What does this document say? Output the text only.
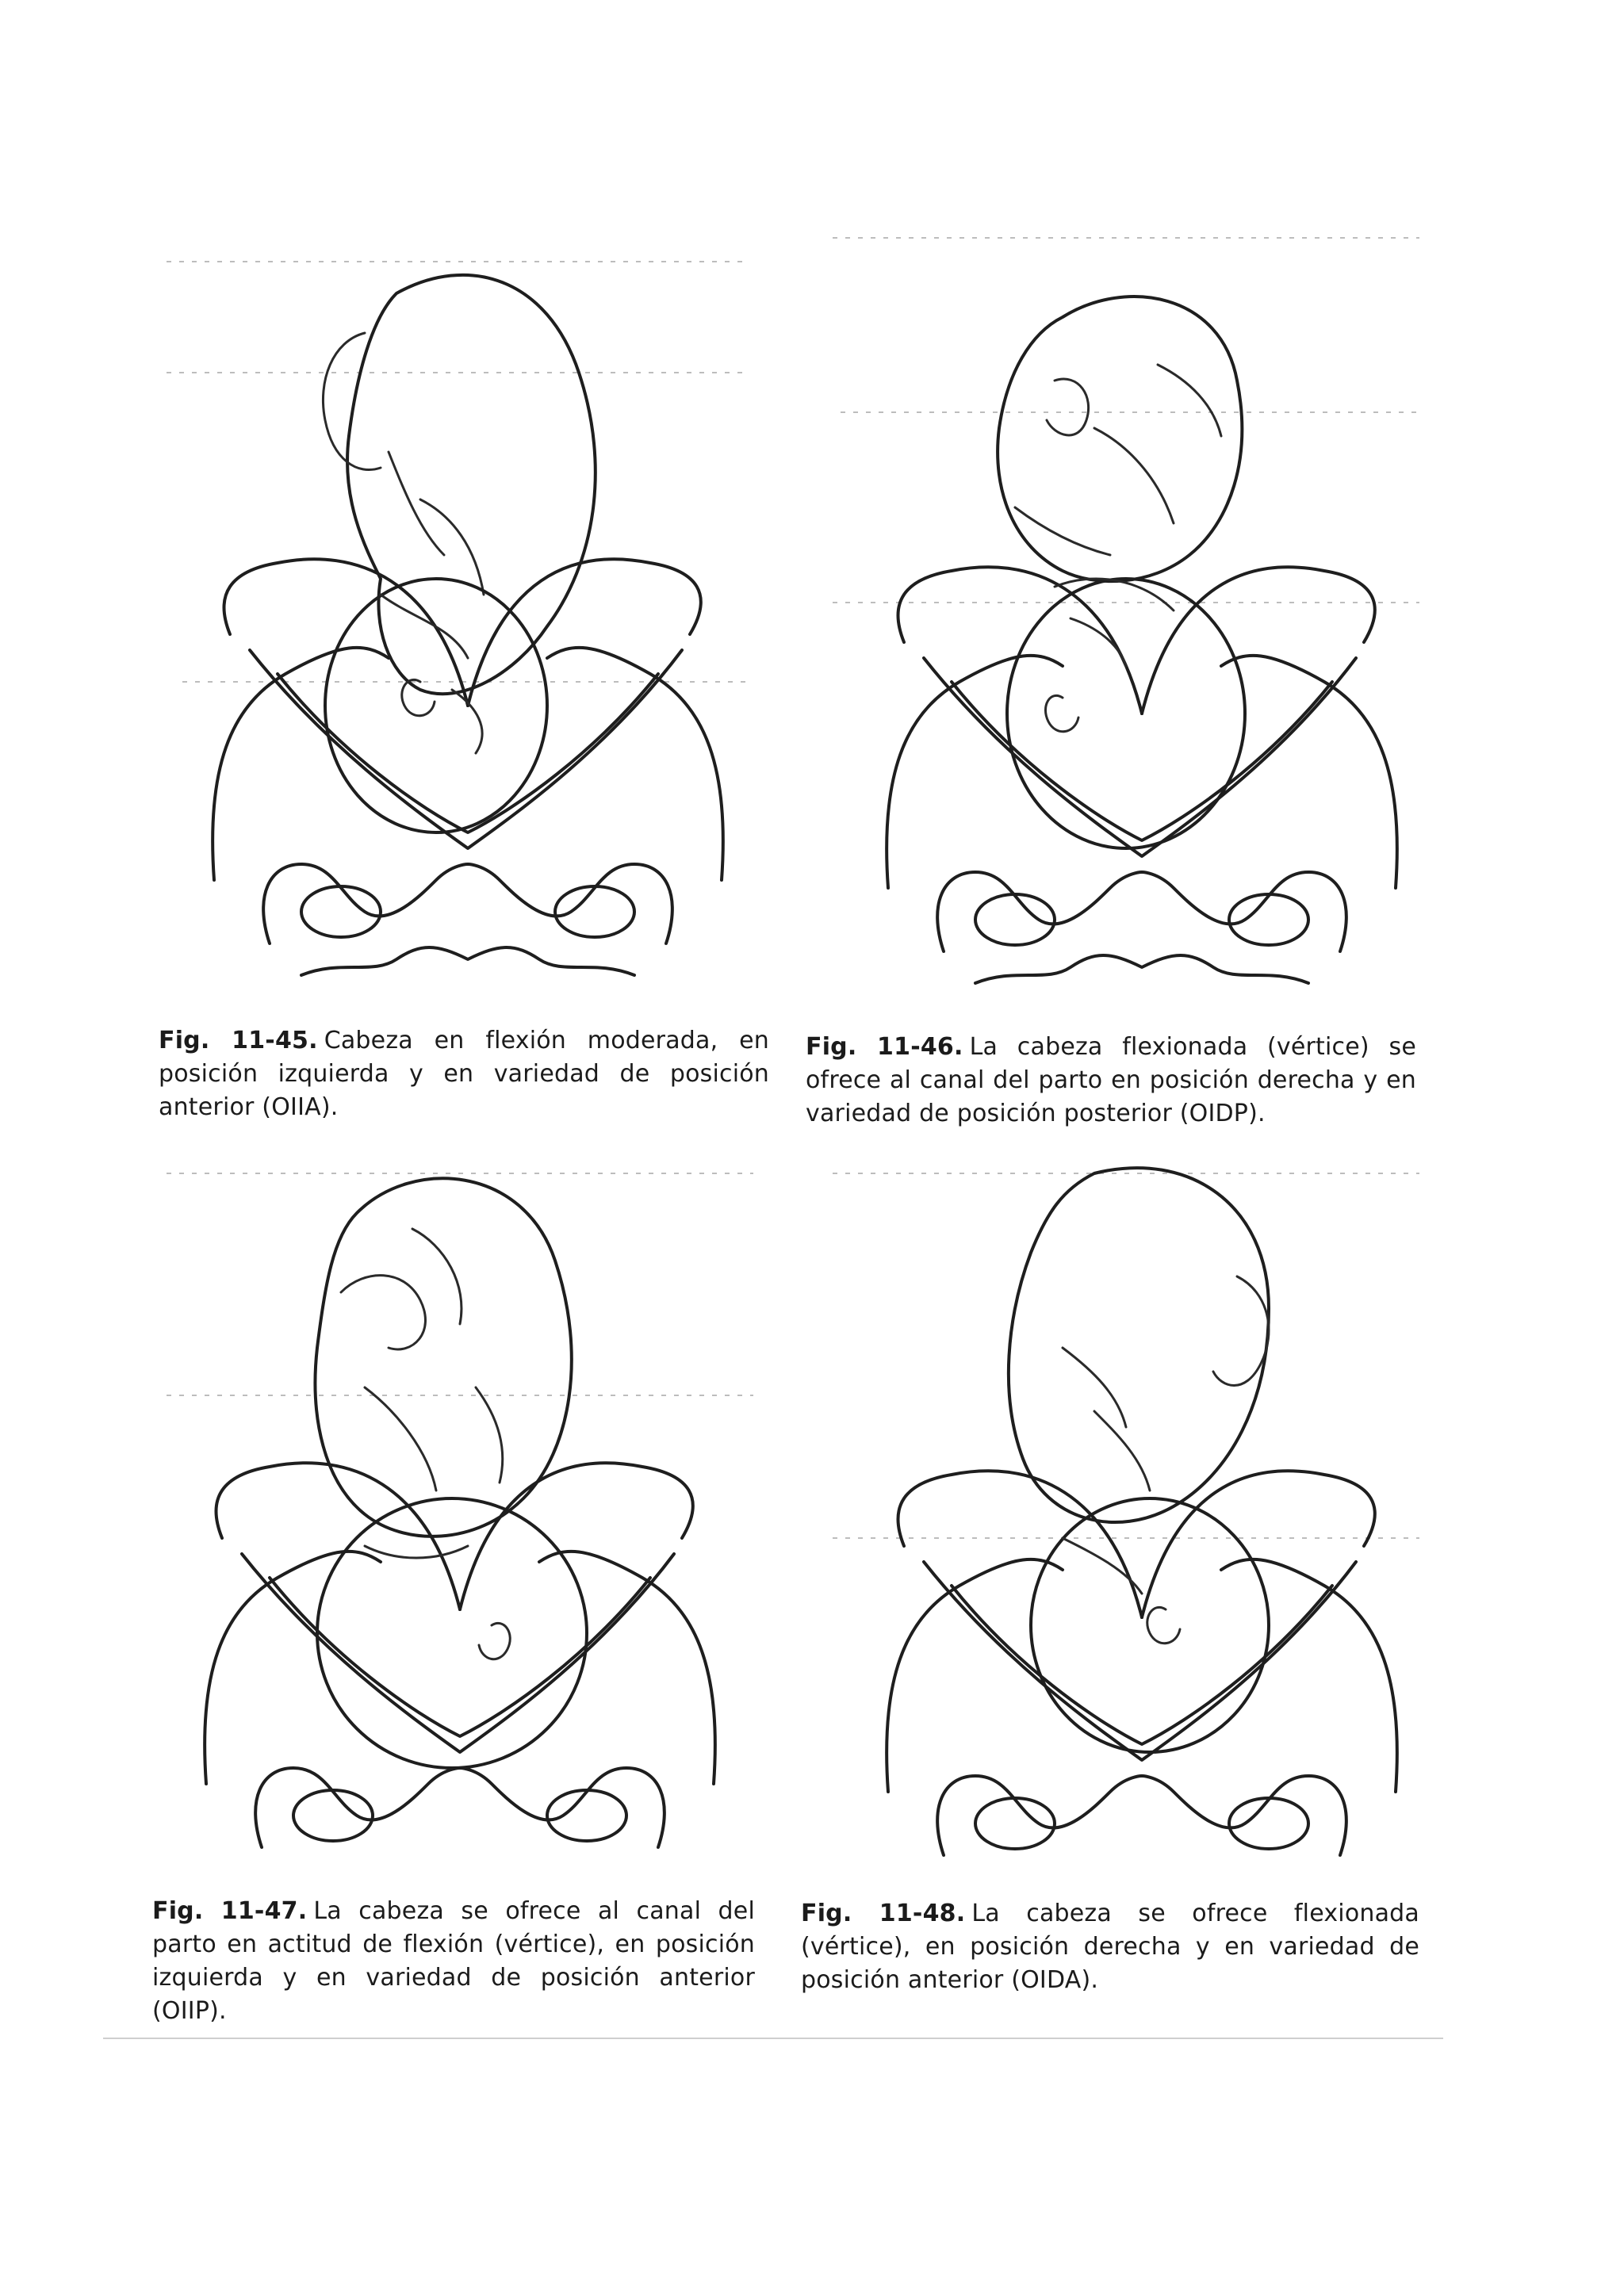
Fig. 11-45. Cabeza en flexión moderada, en posición izquierda y en variedad de posición anterior (OIIA).
Fig. 11-46. La cabeza flexionada (vértice) se ofrece al canal del parto en posición derecha y en variedad de posición posterior (OIDP).
Fig. 11-47. La cabeza se ofrece al canal del parto en actitud de flexión (vértice), en posición izquierda y en variedad de posición anterior (OIIP).
Fig. 11-48. La cabeza se ofrece flexionada (vértice), en posición derecha y en variedad de posición anterior (OIDA).
